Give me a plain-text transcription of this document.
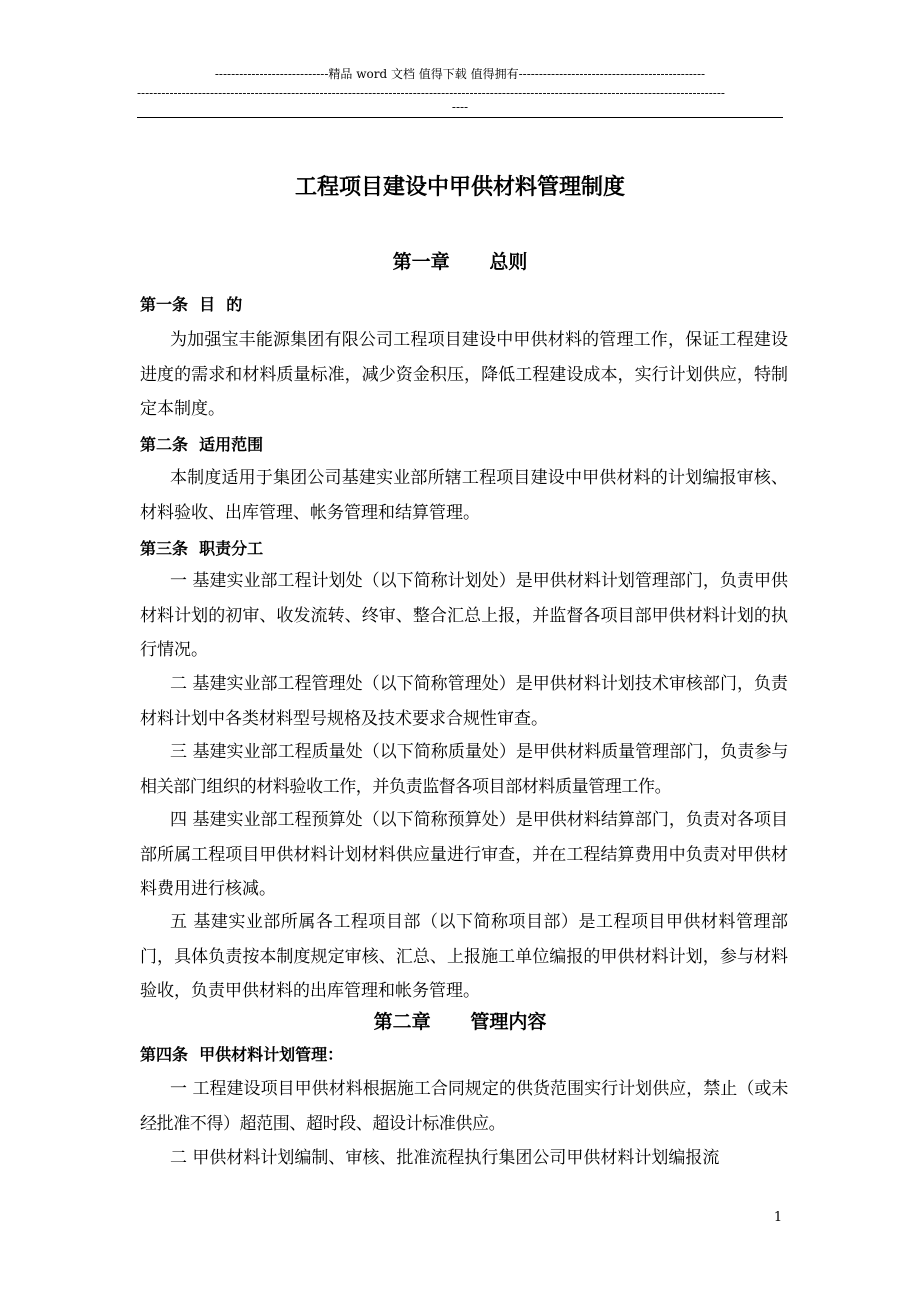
----------------------------精品 word 文档 值得下载 值得拥有----------------------------------------------
-------------------------------------------------------------------------------------------------------------------------------------------------
----
工程项目建设中甲供材料管理制度
第一章      总则
第一条  目  的

为加强宝丰能源集团有限公司工程项目建设中甲供材料的管理工作，保证工程建设进度的需求和材料质量标准，减少资金积压，降低工程建设成本，实行计划供应，特制定本制度。

第二条  适用范围

本制度适用于集团公司基建实业部所辖工程项目建设中甲供材料的计划编报审核、材料验收、出库管理、帐务管理和结算管理。

第三条  职责分工

一 基建实业部工程计划处（以下简称计划处）是甲供材料计划管理部门，负责甲供材料计划的初审、收发流转、终审、整合汇总上报，并监督各项目部甲供材料计划的执行情况。

二 基建实业部工程管理处（以下简称管理处）是甲供材料计划技术审核部门，负责材料计划中各类材料型号规格及技术要求合规性审查。

三 基建实业部工程质量处（以下简称质量处）是甲供材料质量管理部门，负责参与相关部门组织的材料验收工作，并负责监督各项目部材料质量管理工作。

四 基建实业部工程预算处（以下简称预算处）是甲供材料结算部门，负责对各项目部所属工程项目甲供材料计划材料供应量进行审查，并在工程结算费用中负责对甲供材料费用进行核减。

五 基建实业部所属各工程项目部（以下简称项目部）是工程项目甲供材料管理部门，具体负责按本制度规定审核、汇总、上报施工单位编报的甲供材料计划，参与材料验收，负责甲供材料的出库管理和帐务管理。

第二章      管理内容
第四条  甲供材料计划管理：

一 工程建设项目甲供材料根据施工合同规定的供货范围实行计划供应，禁止（或未经批准不得）超范围、超时段、超设计标准供应。

二 甲供材料计划编制、审核、批准流程执行集团公司甲供材料计划编报流

1
